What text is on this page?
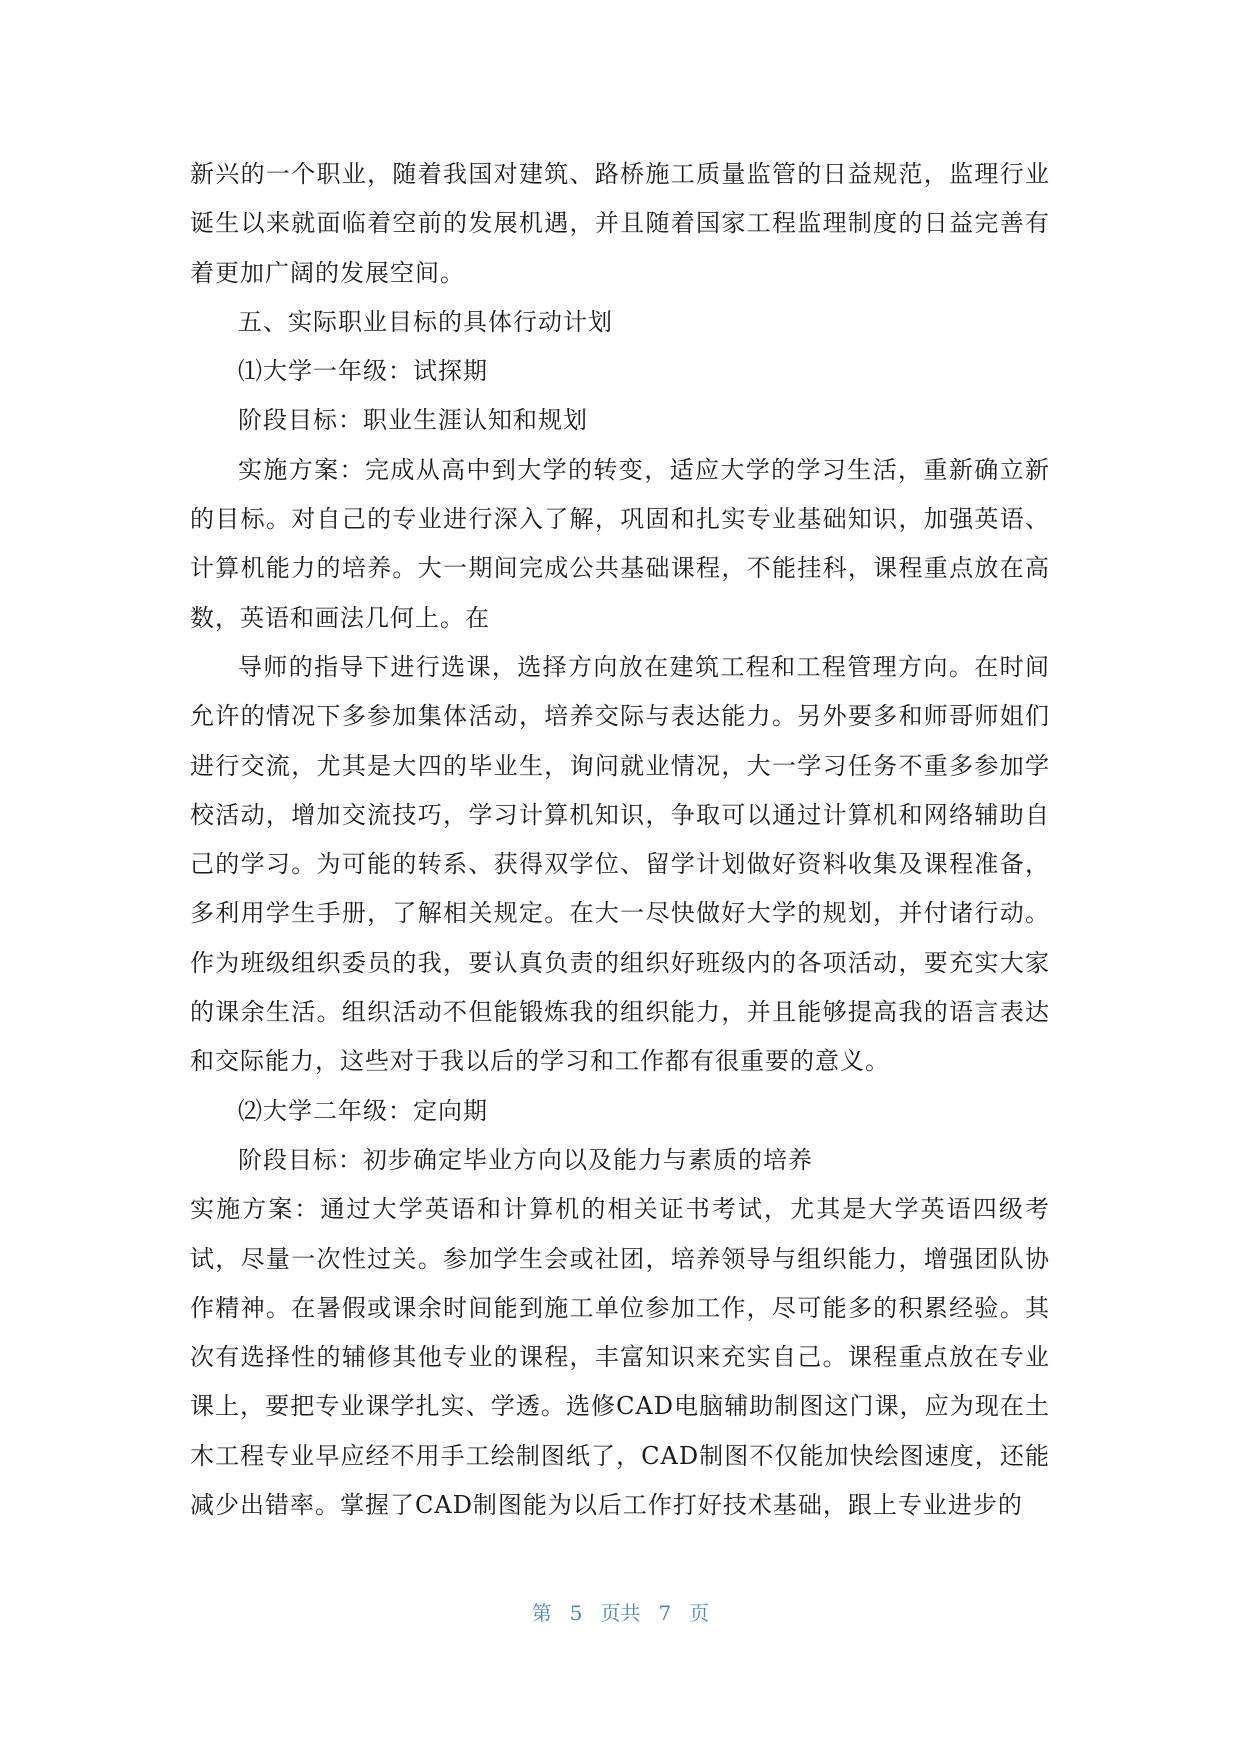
新兴的一个职业，随着我国对建筑、路桥施工质量监管的日益规范，监理行业诞生以来就面临着空前的发展机遇，并且随着国家工程监理制度的日益完善有着更加广阔的发展空间。

五、实际职业目标的具体行动计划

⑴大学一年级：试探期

阶段目标：职业生涯认知和规划

实施方案：完成从高中到大学的转变，适应大学的学习生活，重新确立新的目标。对自己的专业进行深入了解，巩固和扎实专业基础知识，加强英语、计算机能力的培养。大一期间完成公共基础课程，不能挂科，课程重点放在高数，英语和画法几何上。在

导师的指导下进行选课，选择方向放在建筑工程和工程管理方向。在时间允许的情况下多参加集体活动，培养交际与表达能力。另外要多和师哥师姐们进行交流，尤其是大四的毕业生，询问就业情况，大一学习任务不重多参加学校活动，增加交流技巧，学习计算机知识，争取可以通过计算机和网络辅助自己的学习。为可能的转系、获得双学位、留学计划做好资料收集及课程准备，多利用学生手册，了解相关规定。在大一尽快做好大学的规划，并付诸行动。作为班级组织委员的我，要认真负责的组织好班级内的各项活动，要充实大家的课余生活。组织活动不但能锻炼我的组织能力，并且能够提高我的语言表达和交际能力，这些对于我以后的学习和工作都有很重要的意义。

⑵大学二年级：定向期

阶段目标：初步确定毕业方向以及能力与素质的培养

实施方案：通过大学英语和计算机的相关证书考试，尤其是大学英语四级考试，尽量一次性过关。参加学生会或社团，培养领导与组织能力，增强团队协作精神。在暑假或课余时间能到施工单位参加工作，尽可能多的积累经验。其次有选择性的辅修其他专业的课程，丰富知识来充实自己。课程重点放在专业课上，要把专业课学扎实、学透。选修CAD电脑辅助制图这门课，应为现在土木工程专业早应经不用手工绘制图纸了，CAD制图不仅能加快绘图速度，还能减少出错率。掌握了CAD制图能为以后工作打好技术基础，跟上专业进步的

第 5 页共 7 页
